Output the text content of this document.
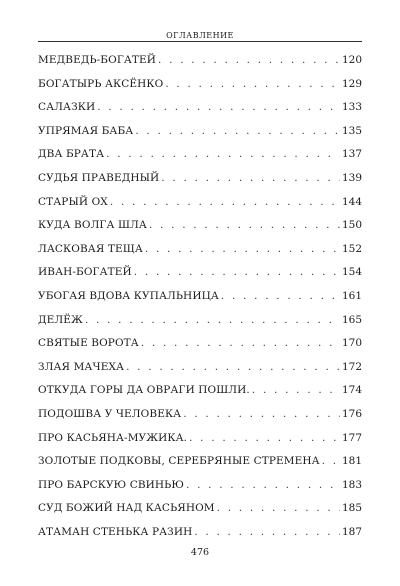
ОГЛАВЛЕНИЕ
МЕДВЕДЬ-БОГАТЕЙ . . .	120
БОГАТЫРЬ АКСЁНКО . . .	129
САЛАЗКИ . . .	133
УПРЯМАЯ БАБА . . .	135
ДВА БРАТА . . .	137
СУДЬЯ ПРАВЕДНЫЙ . . .	139
СТАРЫЙ ОХ . . .	144
КУДА ВОЛГА ШЛА . . .	150
ЛАСКОВАЯ ТЕЩА . . .	152
ИВАН-БОГАТЕЙ . . .	154
УБОГАЯ ВДОВА КУПАЛЬНИЦА . . .	161
ДЕЛЁЖ . . .	165
СВЯТЫЕ ВОРОТА . . .	170
ЗЛАЯ МАЧЕХА . . .	172
ОТКУДА ГОРЫ ДА ОВРАГИ ПОШЛИ. . . .	174
ПОДОШВА У ЧЕЛОВЕКА . . .	176
ПРО КАСЬЯНА-МУЖИКА. . . .	177
ЗОЛОТЫЕ ПОДКОВЫ, СЕРЕБРЯНЫЕ СТРЕМЕНА . . . 181
ПРО БАРСКУЮ СВИНЬЮ . . .	183
СУД БОЖИЙ НАД КАСЬЯНОМ . . .	185
АТАМАН СТЕНЬКА РАЗИН . . .	187
476
